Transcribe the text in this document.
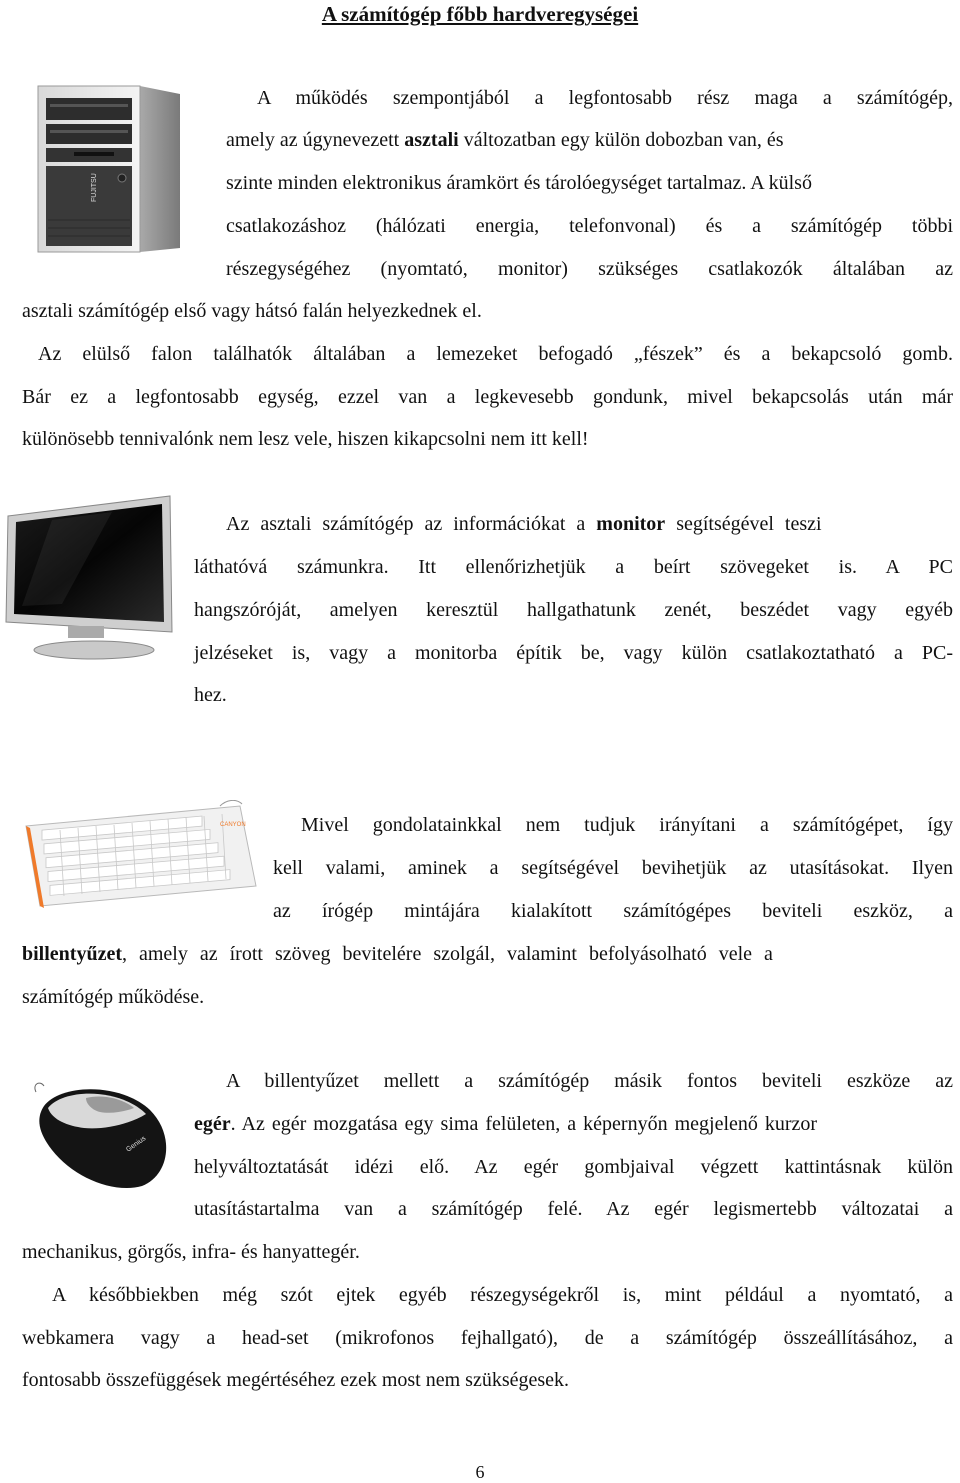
A számítógép főbb hardveregységei
FUJITSU
A működés szempontjából a legfontosabb rész maga a számítógép,
amely az úgynevezett asztali változatban egy külön dobozban van, és
szinte minden elektronikus áramkört és tárolóegységet tartalmaz. A külső
csatlakozáshoz (hálózati energia, telefonvonal) és a számítógép többi
részegységéhez (nyomtató, monitor) szükséges csatlakozók általában az
asztali számítógép első vagy hátsó falán helyezkednek el.
Az elülső falon találhatók általában a lemezeket befogadó „fészek” és a bekapcsoló gomb.
Bár ez a legfontosabb egység, ezzel van a legkevesebb gondunk, mivel bekapcsolás után már
különösebb tennivalónk nem lesz vele, hiszen kikapcsolni nem itt kell!
Az asztali számítógép az információkat a monitor segítségével teszi
láthatóvá számunkra. Itt ellenőrizhetjük a beírt szövegeket is. A PC
hangszóróját, amelyen keresztül hallgathatunk zenét, beszédet vagy egyéb
jelzéseket is, vagy a monitorba építik be, vagy külön csatlakoztatható a PC-
hez.
CANYON	Mivel gondolatainkkal nem tudjuk irányítani a számítógépet, így
kell valami, aminek a segítségével bevihetjük az utasításokat. Ilyen
az írógép mintájára kialakított számítógépes beviteli eszköz, a
billentyűzet, amely az írott szöveg bevitelére szolgál, valamint befolyásolható vele a
számítógép működése.
Genius
A billentyűzet mellett a számítógép másik fontos beviteli eszköze az
egér. Az egér mozgatása egy sima felületen, a képernyőn megjelenő kurzor
helyváltoztatását idézi elő. Az egér gombjaival végzett kattintásnak külön
utasítástartalma van a számítógép felé. Az egér legismertebb változatai a
mechanikus, görgős, infra- és hanyattegér.
A későbbiekben még szót ejtek egyéb részegységekről is, mint például a nyomtató, a
webkamera vagy a head-set (mikrofonos fejhallgató), de a számítógép összeállításához, a
fontosabb összefüggések megértéséhez ezek most nem szükségesek.
6
